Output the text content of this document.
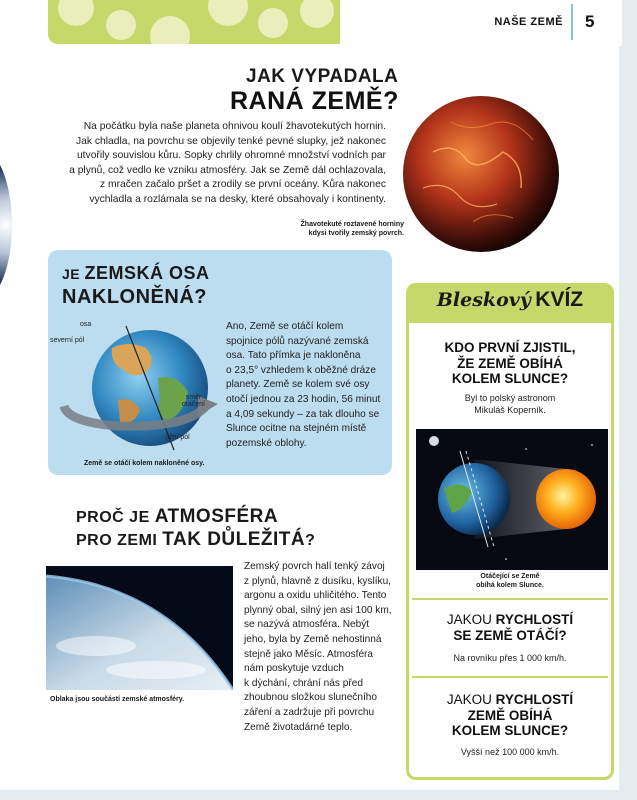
NAŠE ZEMĚ 5
JAK VYPADALA
RANÁ ZEMĚ?
Na počátku byla naše planeta ohnivou koulí žhavotekutých hornin.
Jak chladla, na povrchu se objevily tenké pevné slupky, jež nakonec
utvořily souvislou kůru. Sopky chrlily ohromné množství vodních par
a plynů, což vedlo ke vzniku atmosféry. Jak se Země dál ochlazovala,
z mračen začalo pršet a zrodily se první oceány. Kůra nakonec
vychladla a rozlámala se na desky, které obsahovaly i kontinenty.
Žhavotekuté roztavené horniny
kdysi tvořily zemský povrch.
JE ZEMSKÁ OSA
NAKLONĚNÁ?
osa
severní pól
směr
otáčení
jižní pól
Ano, Země se otáčí kolem
spojnice pólů nazývané zemská
osa. Tato přímka je nakloněna
o 23,5° vzhledem k oběžné dráze
planety. Země se kolem své osy
otočí jednou za 23 hodin, 56 minut
a 4,09 sekundy – za tak dlouho se
Slunce ocitne na stejném místě
pozemské oblohy.
Země se otáčí kolem nakloněné osy.
PROČ JE ATMOSFÉRA
PRO ZEMI TAK DŮLEŽITÁ?
Oblaka jsou součástí zemské atmosféry.
Zemský povrch halí tenký závoj
z plynů, hlavně z dusíku, kyslíku,
argonu a oxidu uhličitého. Tento
plynný obal, silný jen asi 100 km,
se nazývá atmosféra. Nebýt
jeho, byla by Země nehostinná
stejně jako Měsíc. Atmosféra
nám poskytuje vzduch
k dýchání, chrání nás před
zhoubnou složkou slunečního
záření a zadržuje při povrchu
Země životadárné teplo.
Bleskový KVÍZ
KDO PRVNÍ ZJISTIL,
ŽE ZEMĚ OBÍHÁ
KOLEM SLUNCE?
Byl to polský astronom
Mikuláš Koperník.
Otáčející se Země
obíhá kolem Slunce.
JAKOU RYCHLOSTÍ
SE ZEMĚ OTÁČÍ?
Na rovníku přes 1 000 km/h.
JAKOU RYCHLOSTÍ
ZEMĚ OBÍHÁ
KOLEM SLUNCE?
Vyšší než 100 000 km/h.
